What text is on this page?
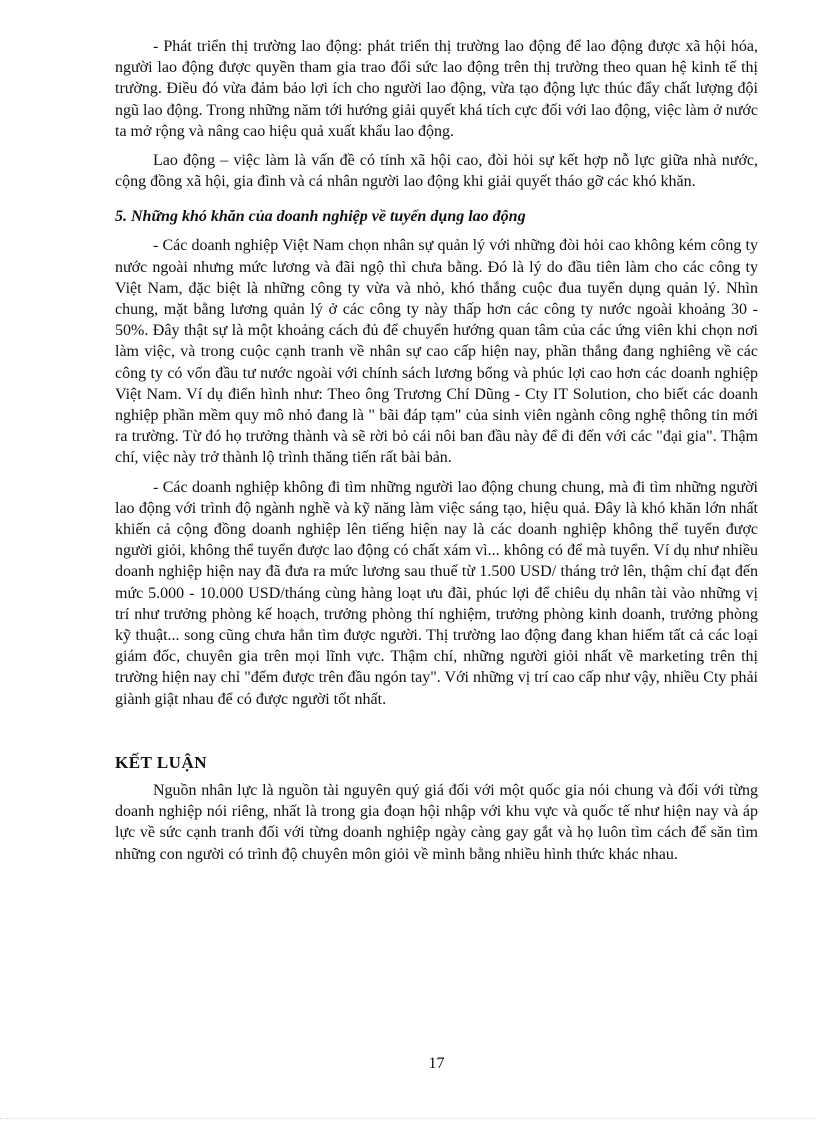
- Phát triển thị trường lao động: phát triển thị trường lao động để lao động được xã hội hóa, người lao động được quyền tham gia trao đổi sức lao động trên thị trường theo quan hệ kinh tế thị trường. Điều đó vừa đảm bảo lợi ích cho người lao động, vừa tạo động lực thúc đẩy chất lượng đội ngũ lao động. Trong những năm tới hướng giải quyết khá tích cực đối với lao động, việc làm ở nước ta mở rộng và nâng cao hiệu quả xuất khẩu lao động.

Lao động – việc làm là vấn đề có tính xã hội cao, đòi hỏi sự kết hợp nỗ lực giữa nhà nước, cộng đồng xã hội, gia đình và cá nhân người lao động khi giải quyết tháo gỡ các khó khăn.

5. Những khó khăn của doanh nghiệp về tuyển dụng lao động

- Các doanh nghiệp Việt Nam chọn nhân sự quản lý với những đòi hỏi cao không kém công ty nước ngoài nhưng mức lương và đãi ngộ thì chưa bằng. Đó là lý do đầu tiên làm cho các công ty Việt Nam, đặc biệt là những công ty vừa và nhỏ, khó thắng cuộc đua tuyển dụng quản lý. Nhìn chung, mặt bằng lương quản lý ở các công ty này thấp hơn các công ty nước ngoài khoảng 30 - 50%. Đây thật sự là một khoảng cách đủ để chuyển hướng quan tâm của các ứng viên khi chọn nơi làm việc, và trong cuộc cạnh tranh về nhân sự cao cấp hiện nay, phần thắng đang nghiêng về các công ty có vốn đầu tư nước ngoài với chính sách lương bổng và phúc lợi cao hơn các doanh nghiệp Việt Nam. Ví dụ điển hình như: Theo ông Trương Chí Dũng - Cty IT Solution, cho biết các doanh nghiệp phần mềm quy mô nhỏ đang là " bãi đáp tạm" của sinh viên ngành công nghệ thông tin mới ra trường. Từ đó họ trưởng thành và sẽ rời bỏ cái nôi ban đầu này để đi đến với các "đại gia". Thậm chí, việc này trở thành lộ trình thăng tiến rất bài bản.

- Các doanh nghiệp không đi tìm những người lao động chung chung, mà đi tìm những người lao động với trình độ ngành nghề và kỹ năng làm việc sáng tạo, hiệu quả. Đây là khó khăn lớn nhất khiến cả cộng đồng doanh nghiệp lên tiếng hiện nay là các doanh nghiệp không thể tuyển được người giỏi, không thể tuyển được lao động có chất xám vì... không có để mà tuyển. Ví dụ như nhiều doanh nghiệp hiện nay đã đưa ra mức lương sau thuế từ 1.500 USD/ tháng trở lên, thậm chí đạt đến mức 5.000 - 10.000 USD/tháng cùng hàng loạt ưu đãi, phúc lợi để chiêu dụ nhân tài vào những vị trí như trưởng phòng kế hoạch, trưởng phòng thí nghiệm, trưởng phòng kinh doanh, trưởng phòng kỹ thuật... song cũng chưa hẳn tìm được người. Thị trường lao động đang khan hiếm tất cả các loại giám đốc, chuyên gia trên mọi lĩnh vực. Thậm chí, những người giỏi nhất về marketing trên thị trường hiện nay chỉ "đếm được trên đầu ngón tay". Với những vị trí cao cấp như vậy, nhiều Cty phải giành giật nhau để có được người tốt nhất.

KẾT LUẬN

Nguồn nhân lực là nguồn tài nguyên quý giá đối với một quốc gia nói chung và đối với từng doanh nghiệp nói riêng, nhất là trong gia đoạn hội nhập với khu vực và quốc tế như hiện nay và áp lực về sức cạnh tranh đối với từng doanh nghiệp ngày càng gay gắt và họ luôn tìm cách để săn tìm những con người có trình độ chuyên môn giỏi về mình bằng nhiều hình thức khác nhau.

17
